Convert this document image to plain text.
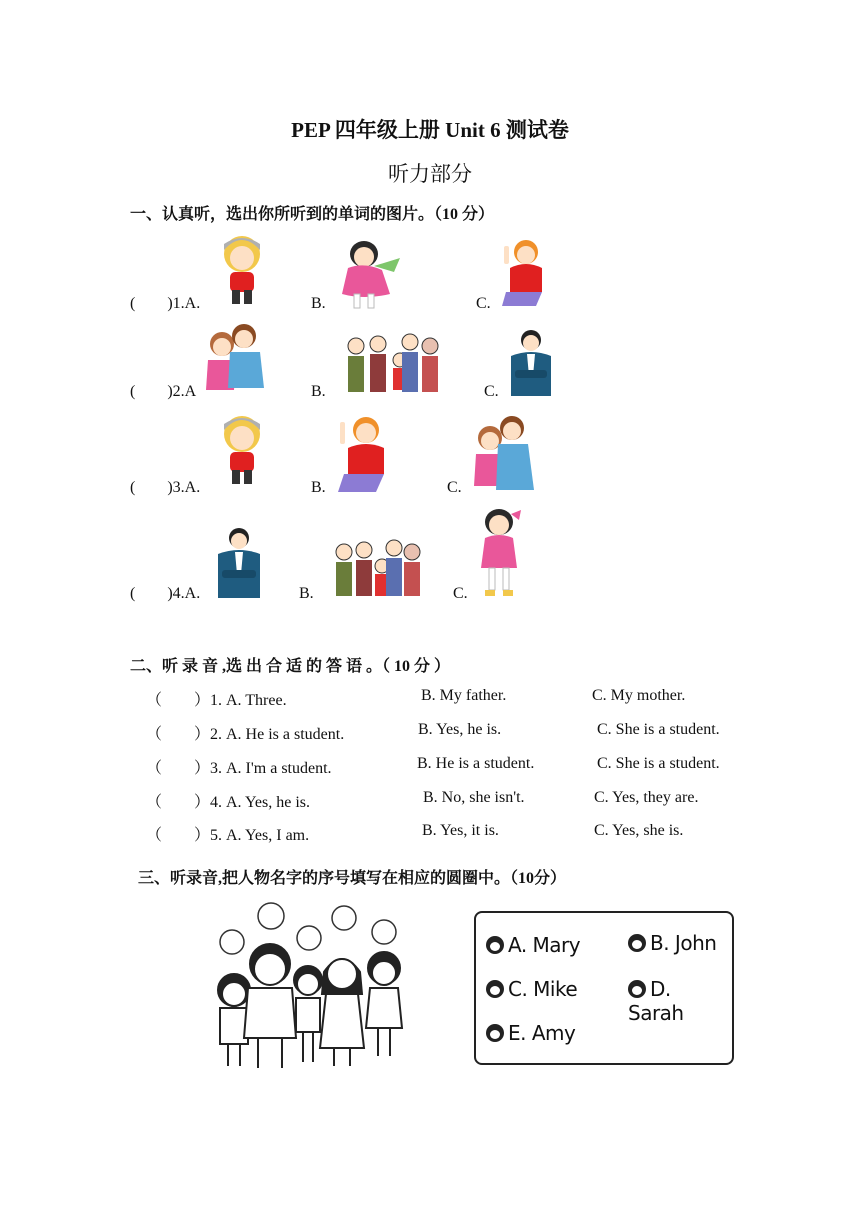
PEP 四年级上册 Unit 6 测试卷
听力部分
一、认真听，选出你所听到的单词的图片。（10 分）
(        )1.A.	B.	C.
(        )2.A	B.	C.
(        )3.A.	B.	C.
(        )4.A.	B.	C.
二、听 录 音 ,选 出 合 适 的 答 语 。（ 10 分 ）
（        ）1. A. Three.	B. My father.	C. My mother.
（        ）2. A. He is a student.	B. Yes, he is.	C. She is a student.
（        ）3. A. I'm a student.	B. He is a student.	C. She is a student.
（        ）4. A. Yes, he is.	B. No, she isn't.	C. Yes, they are.
（        ）5. A. Yes, I am.	B. Yes, it is.	C. Yes, she is.
三、听录音,把人物名字的序号填写在相应的圆圈中。（10分）
A. Mary	B. John
C. Mike	D. Sarah
E. Amy
